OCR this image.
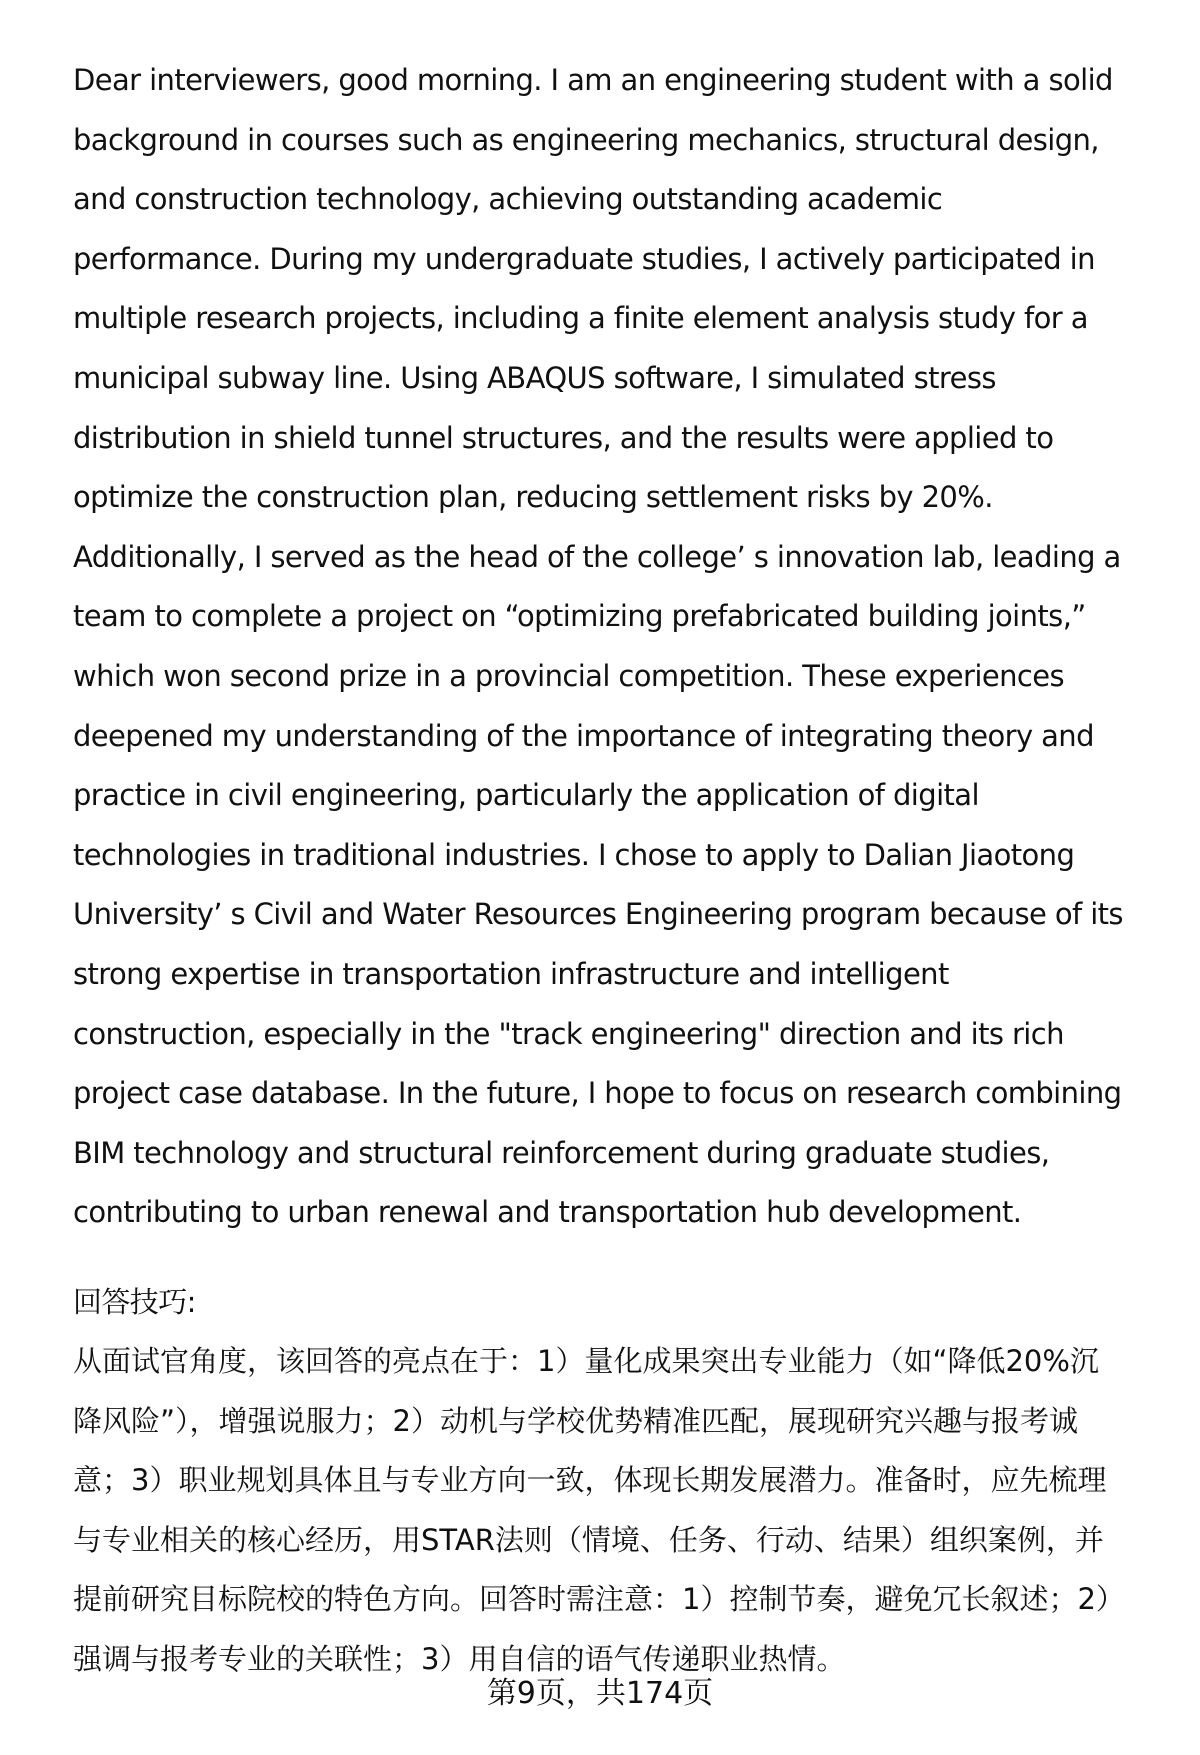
Dear interviewers, good morning. I am an engineering student with a solid
background in courses such as engineering mechanics, structural design,
and construction technology, achieving outstanding academic
performance. During my undergraduate studies, I actively participated in
multiple research projects, including a finite element analysis study for a
municipal subway line. Using ABAQUS software, I simulated stress
distribution in shield tunnel structures, and the results were applied to
optimize the construction plan, reducing settlement risks by 20%.
Additionally, I served as the head of the college’ s innovation lab, leading a
team to complete a project on “optimizing prefabricated building joints,”
which won second prize in a provincial competition. These experiences
deepened my understanding of the importance of integrating theory and
practice in civil engineering, particularly the application of digital
technologies in traditional industries. I chose to apply to Dalian Jiaotong
University’ s Civil and Water Resources Engineering program because of its
strong expertise in transportation infrastructure and intelligent
construction, especially in the "track engineering" direction and its rich
project case database. In the future, I hope to focus on research combining
BIM technology and structural reinforcement during graduate studies,
contributing to urban renewal and transportation hub development.
回答技巧:
从面试官角度，该回答的亮点在于：1）量化成果突出专业能力（如“降低20%沉
降风险”），增强说服力；2）动机与学校优势精准匹配，展现研究兴趣与报考诚
意；3）职业规划具体且与专业方向一致，体现长期发展潜力。准备时，应先梳理
与专业相关的核心经历，用STAR法则（情境、任务、行动、结果）组织案例，并
提前研究目标院校的特色方向。回答时需注意：1）控制节奏，避免冗长叙述；2）
强调与报考专业的关联性；3）用自信的语气传递职业热情。
第9页，共174页
